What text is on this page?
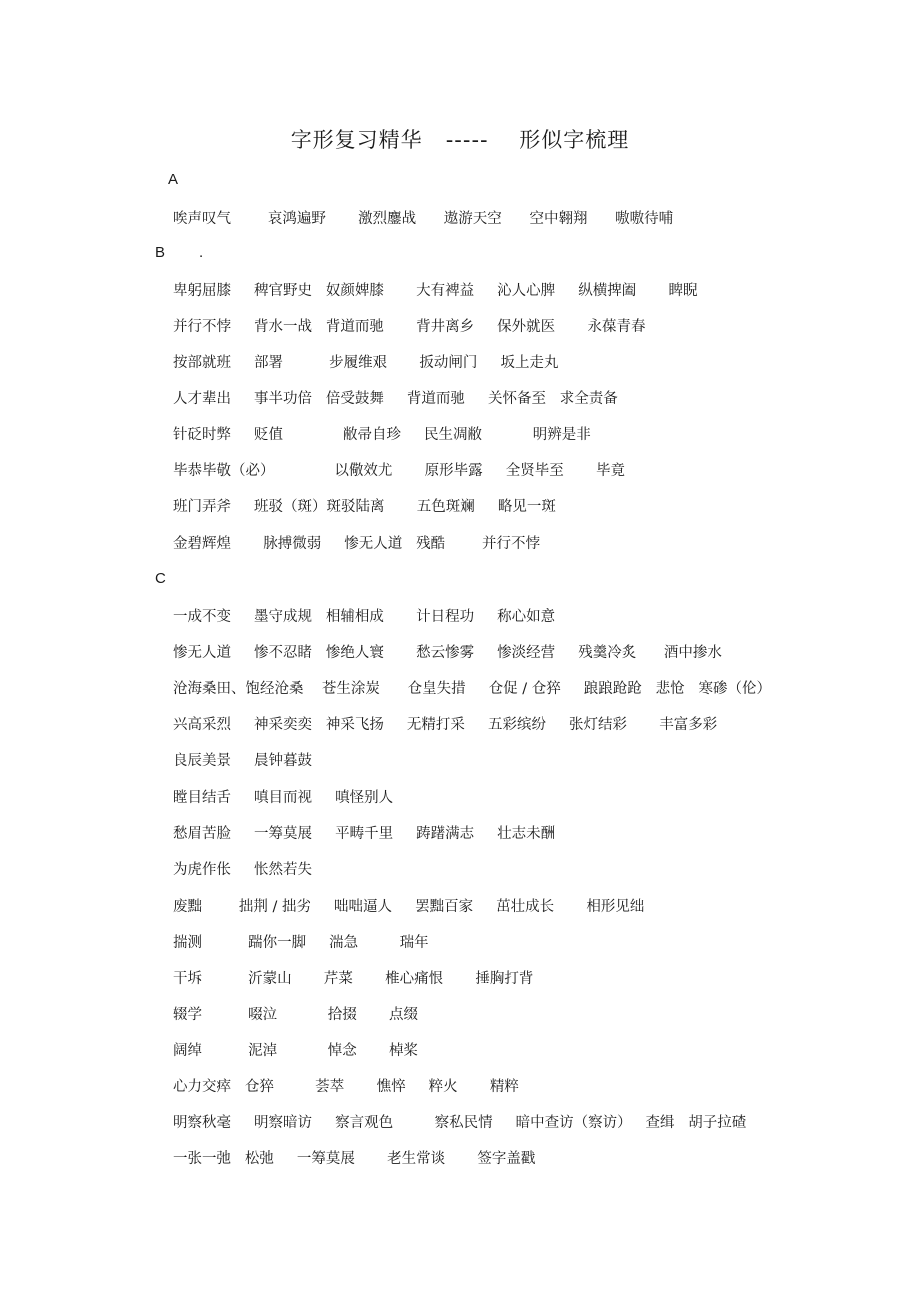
字形复习精华   -----    形似字梳理
A
唉声叹气        哀鸿遍野       激烈鏖战      遨游天空      空中翱翔      嗷嗷待哺
B .
卑躬屈膝     稗官野史   奴颜婢膝       大有裨益     沁人心脾     纵横捭阖       睥睨
并行不悖     背水一战   背道而驰       背井离乡     保外就医       永葆青春
按部就班     部署          步履维艰       扳动闸门     坂上走丸
人才辈出     事半功倍   倍受鼓舞     背道而驰     关怀备至   求全责备
针砭时弊     贬值             敝帚自珍     民生凋敝           明辨是非
毕恭毕敬（必）             以儆效尤       原形毕露     全贤毕至       毕竟
班门弄斧     班驳（斑）斑驳陆离       五色斑斓     略见一斑
金碧辉煌       脉搏微弱     惨无人道   残酷        并行不悖
C
一成不变     墨守成规   相辅相成       计日程功     称心如意
惨无人道     惨不忍睹   惨绝人寰       愁云惨雾     惨淡经营     残羹冷炙      酒中掺水
沧海桑田、饱经沧桑    苍生涂炭      仓皇失措     仓促 / 仓猝     踉踉跄跄   悲怆   寒碜（伦）
兴高采烈     神采奕奕   神采飞扬     无精打采     五彩缤纷     张灯结彩       丰富多彩
良辰美景     晨钟暮鼓
瞠目结舌     嗔目而视     嗔怪别人
愁眉苦脸     一筹莫展     平畴千里     踌躇满志     壮志未酬
为虎作伥     怅然若失
废黜        拙荆 / 拙劣     咄咄逼人     罢黜百家     茁壮成长       相形见绌
揣测          踹你一脚     湍急         瑞年
干坼          沂蒙山       芹菜       椎心痛恨       捶胸打背
辍学          啜泣           拾掇       点缀
阔绰          泥淖           悼念       棹桨
心力交瘁   仓猝         荟萃       憔悴     粹火       精粹
明察秋毫     明察暗访     察言观色         察私民情     暗中查访（察访）   查缉   胡子拉碴
一张一弛   松弛     一筹莫展       老生常谈       签字盖戳
